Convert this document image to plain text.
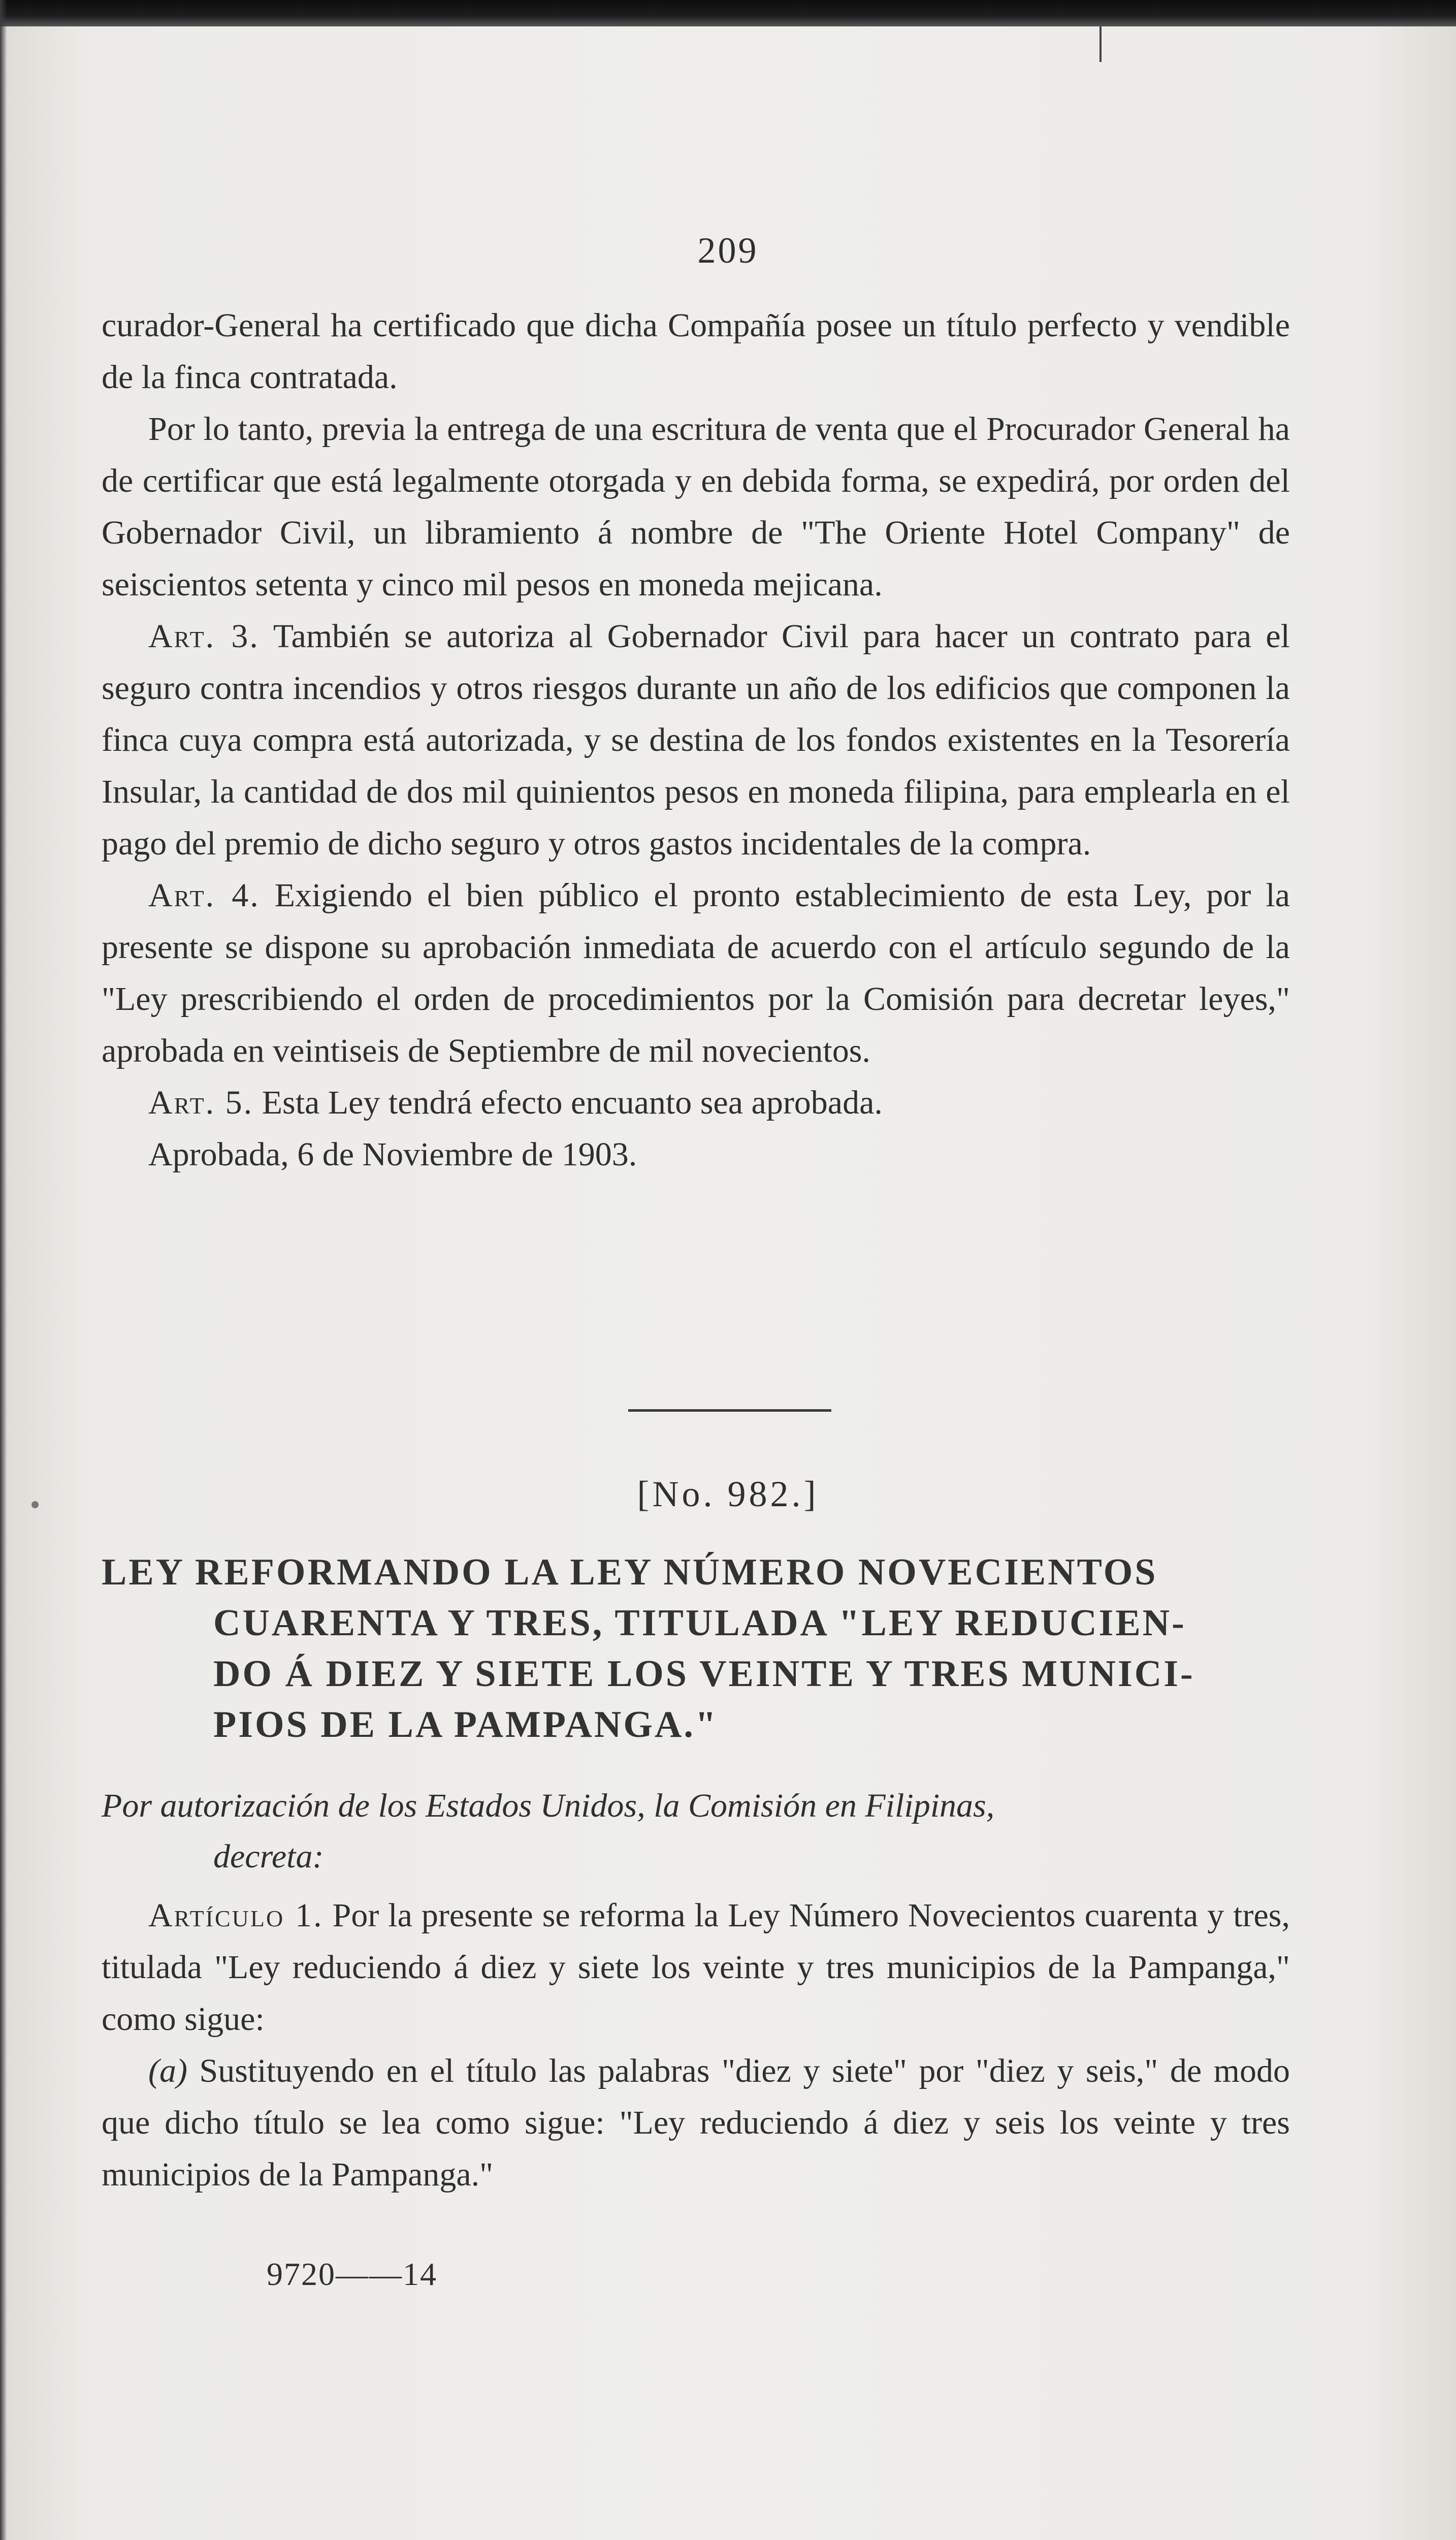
209

curador-General ha certificado que dicha Compañía posee un título perfecto y vendible de la finca contratada.

Por lo tanto, previa la entrega de una escritura de venta que el Procurador General ha de certificar que está legalmente otorgada y en debida forma, se expedirá, por orden del Gobernador Civil, un libramiento á nombre de "The Oriente Hotel Company" de seiscientos setenta y cinco mil pesos en moneda mejicana.

Art. 3. También se autoriza al Gobernador Civil para hacer un contrato para el seguro contra incendios y otros riesgos durante un año de los edificios que componen la finca cuya compra está autorizada, y se destina de los fondos existentes en la Tesorería Insular, la cantidad de dos mil quinientos pesos en moneda filipina, para emplearla en el pago del premio de dicho seguro y otros gastos incidentales de la compra.

Art. 4. Exigiendo el bien público el pronto establecimiento de esta Ley, por la presente se dispone su aprobación inmediata de acuerdo con el artículo segundo de la "Ley prescribiendo el orden de procedimientos por la Comisión para decretar leyes," aprobada en veintiseis de Septiembre de mil novecientos.

Art. 5. Esta Ley tendrá efecto encuanto sea aprobada.

Aprobada, 6 de Noviembre de 1903.

[No. 982.]
LEY REFORMANDO LA LEY NÚMERO NOVECIENTOS
CUARENTA Y TRES, TITULADA "LEY REDUCIEN-
DO Á DIEZ Y SIETE LOS VEINTE Y TRES MUNICI-
PIOS DE LA PAMPANGA."
Por autorización de los Estados Unidos, la Comisión en Filipinas,
decreta:

Artículo 1. Por la presente se reforma la Ley Número Novecientos cuarenta y tres, titulada "Ley reduciendo á diez y siete los veinte y tres municipios de la Pampanga," como sigue:

(a) Sustituyendo en el título las palabras "diez y siete" por "diez y seis," de modo que dicho título se lea como sigue: "Ley reduciendo á diez y seis los veinte y tres municipios de la Pampanga."

9720——14
